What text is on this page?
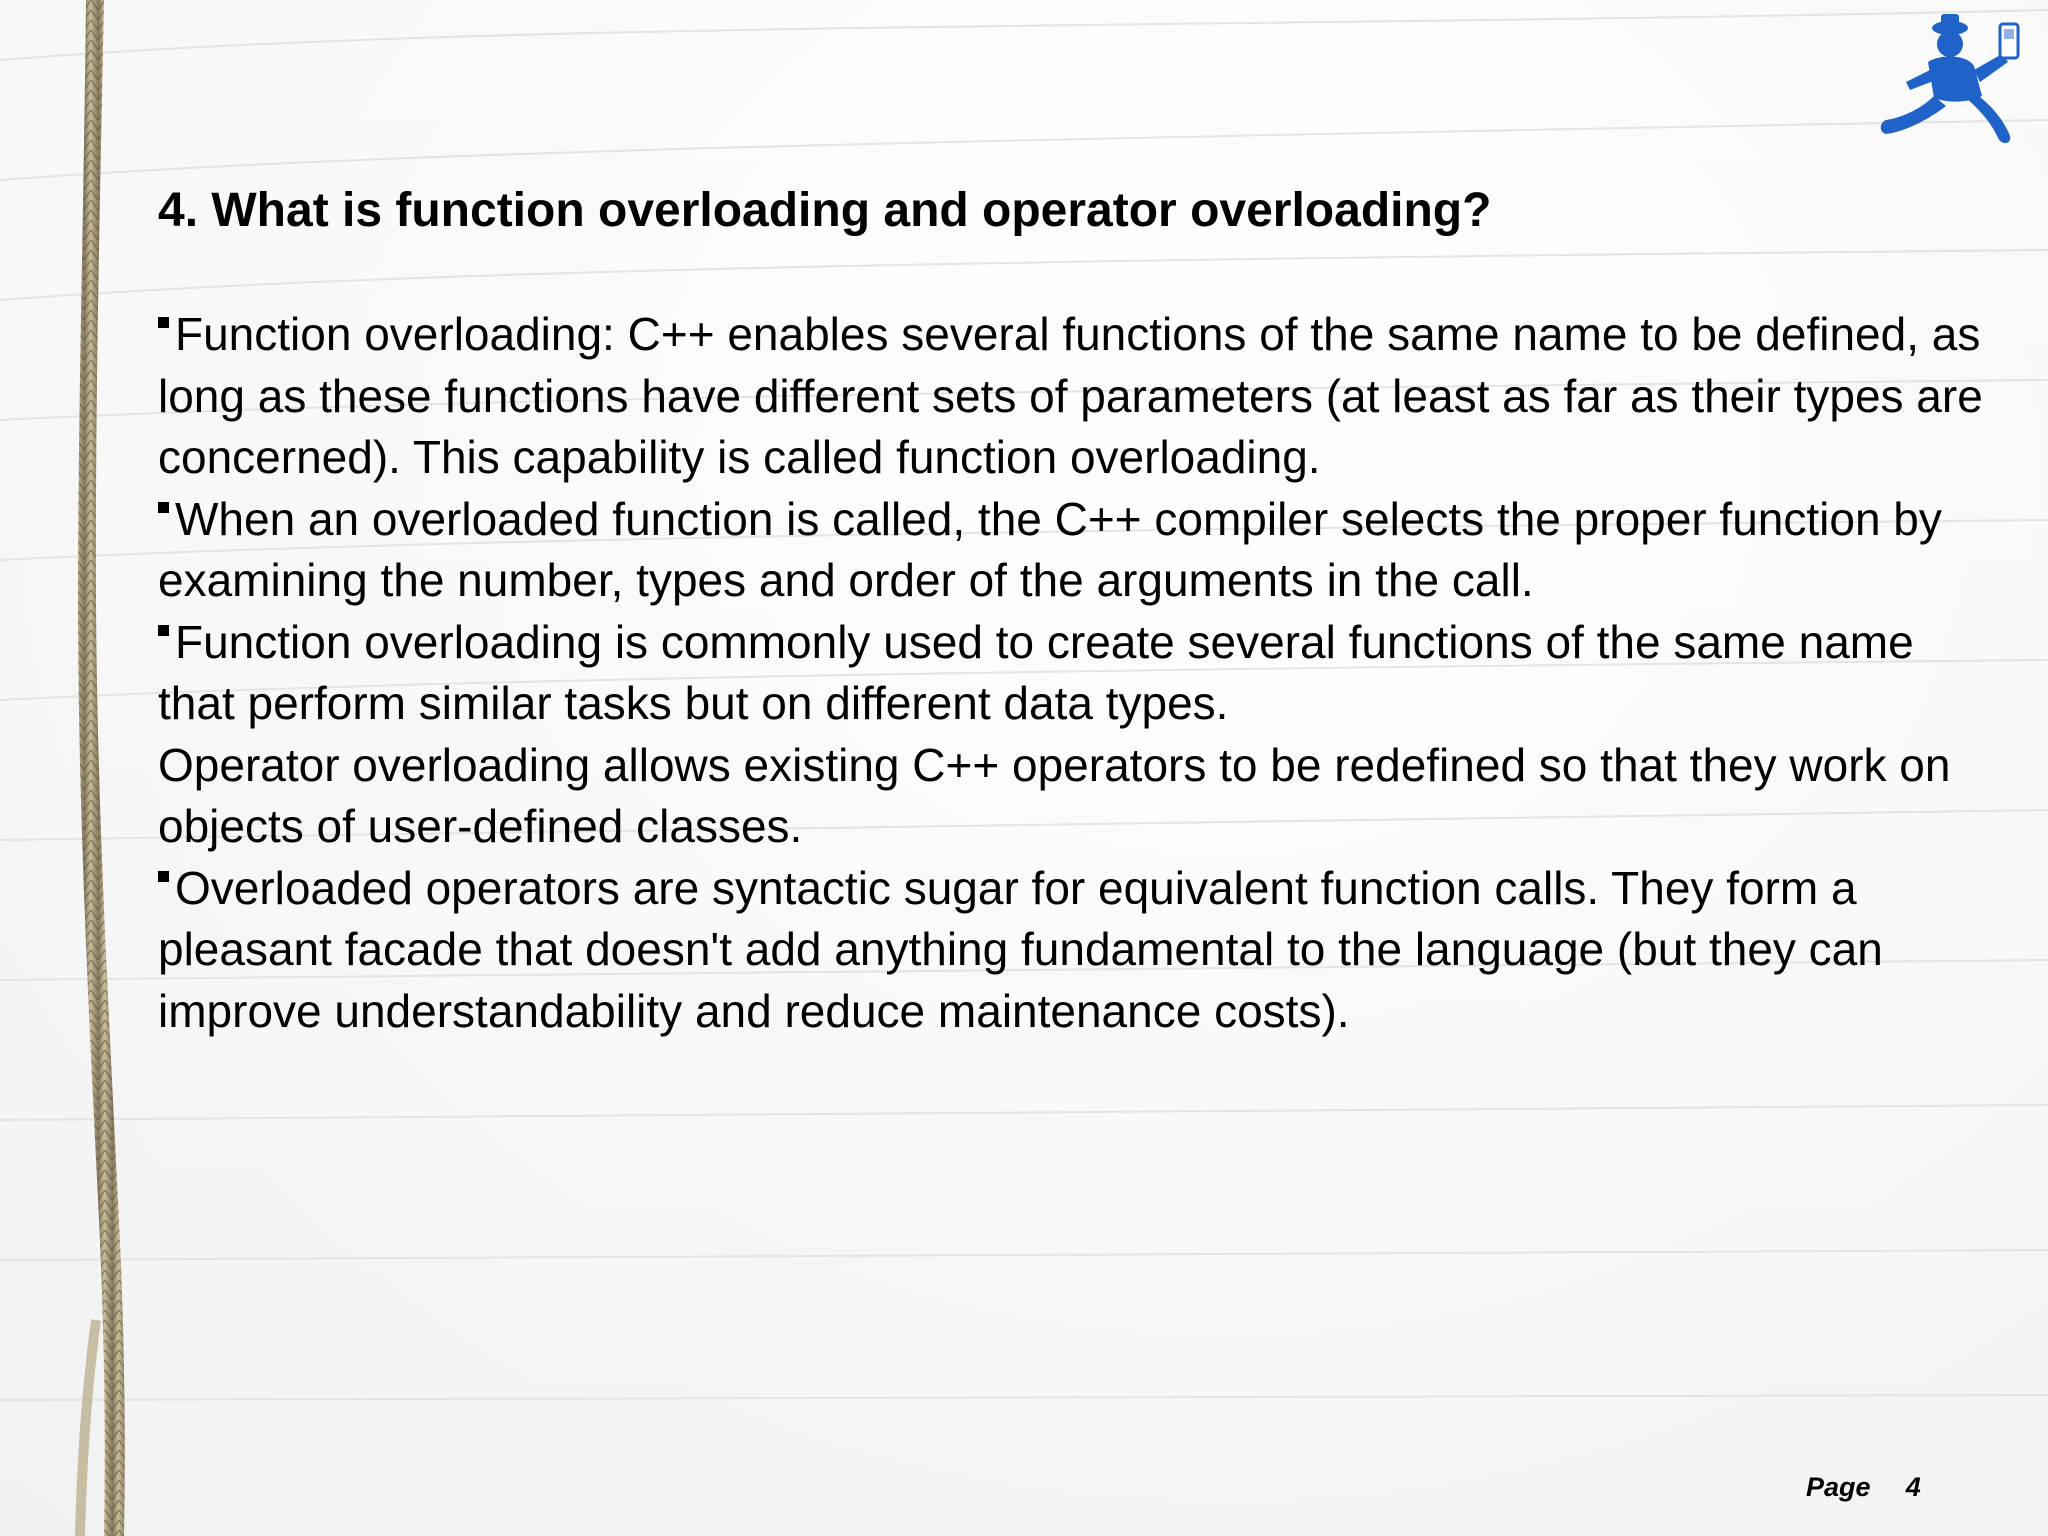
4. What is function overloading and operator overloading?

Function overloading: C++ enables several functions of the same name to be defined, as long as these functions have different sets of parameters (at least as far as their types are concerned). This capability is called function overloading.

When an overloaded function is called, the C++ compiler selects the proper function by examining the number, types and order of the arguments in the call.

Function overloading is commonly used to create several functions of the same name that perform similar tasks but on different data types.

Operator overloading allows existing C++ operators to be redefined so that they work on objects of user-defined classes.

Overloaded operators are syntactic sugar for equivalent function calls. They form a pleasant facade that doesn't add anything fundamental to the language (but they can improve understandability and reduce maintenance costs).

Page 4
